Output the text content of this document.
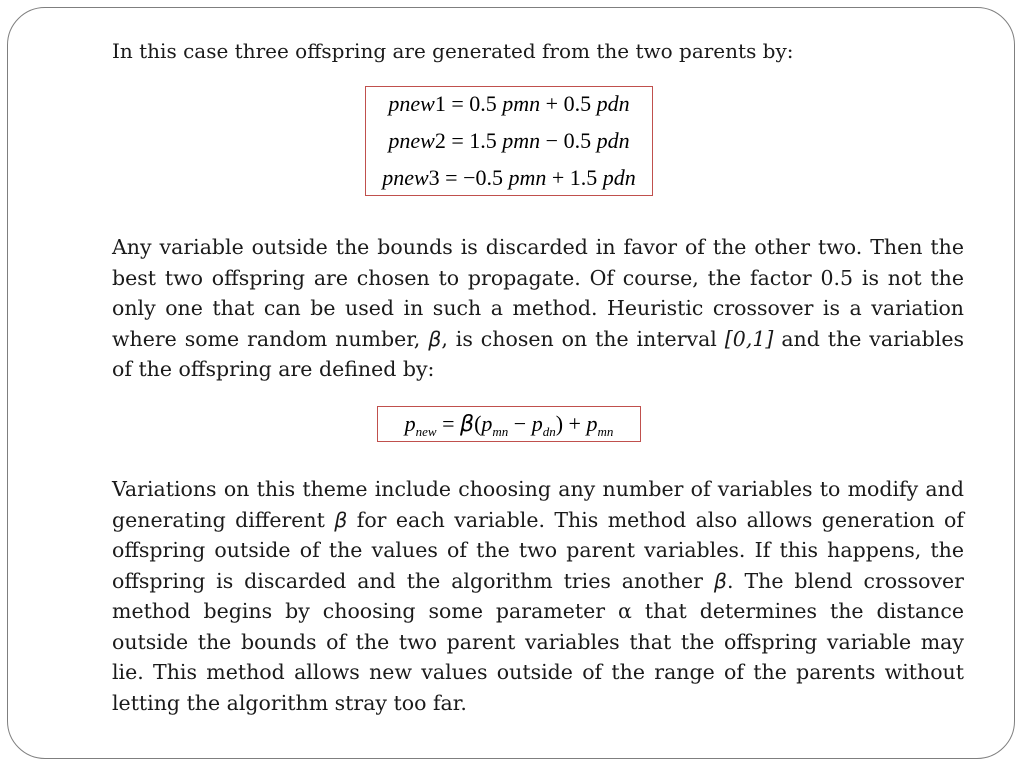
In this case three offspring are generated from the two parents by:
pnew1 = 0.5 pmn + 0.5 pdn
pnew2 = 1.5 pmn − 0.5 pdn
pnew3 = −0.5 pmn + 1.5 pdn
Any variable outside the bounds is discarded in favor of the other two. Then the best two offspring are chosen to propagate. Of course, the factor 0.5 is not the only one that can be used in such a method. Heuristic crossover is a variation where some random number, β, is chosen on the interval [0,1] and the variables of the offspring are defined by:
$p_{new} = \beta(p_{mn} - p_{dn}) + p_{mn}$
Variations on this theme include choosing any number of variables to modify and generating different β for each variable. This method also allows generation of offspring outside of the values of the two parent variables. If this happens, the offspring is discarded and the algorithm tries another β. The blend crossover method begins by choosing some parameter α that determines the distance outside the bounds of the two parent variables that the offspring variable may lie. This method allows new values outside of the range of the parents without letting the algorithm stray too far.
